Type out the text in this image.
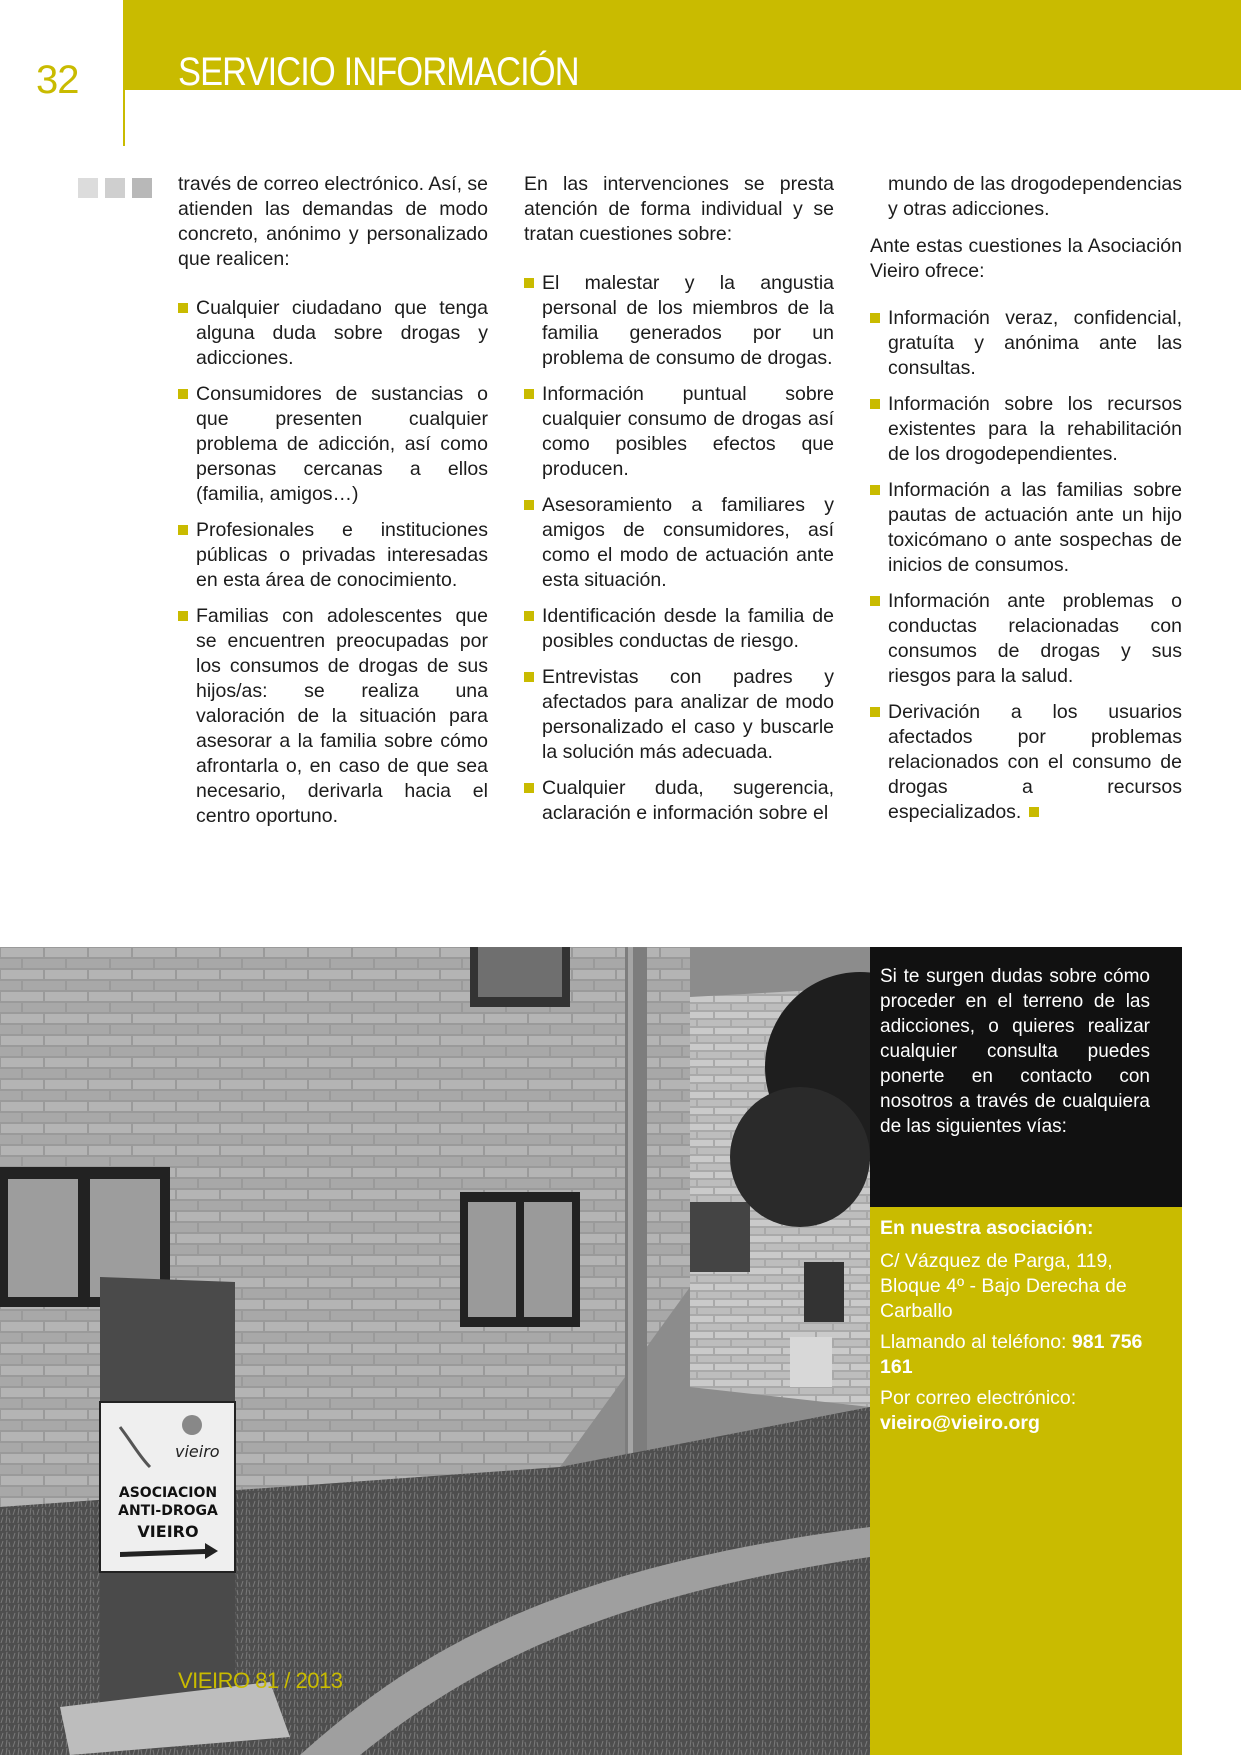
32 SERVICIO INFORMACIÓN

través de correo electrónico. Así, se atienden las demandas de modo concreto, anónimo y personalizado que realicen:

Cualquier ciudadano que tenga alguna duda sobre drogas y adicciones.
Consumidores de sustancias o que presenten cualquier problema de adicción, así como personas cercanas a ellos (familia, amigos…)
Profesionales e instituciones públicas o privadas interesadas en esta área de conocimiento.
Familias con adolescentes que se encuentren preocupadas por los consumos de drogas de sus hijos/as: se realiza una valoración de la situación para asesorar a la familia sobre cómo afrontarla o, en caso de que sea necesario, derivarla hacia el centro oportuno.

En las intervenciones se presta atención de forma individual y se tratan cuestiones sobre:

El malestar y la angustia personal de los miembros de la familia generados por un problema de consumo de drogas.
Información puntual sobre cualquier consumo de drogas así como posibles efectos que producen.
Asesoramiento a familiares y amigos de consumidores, así como el modo de actuación ante esta situación.
Identificación desde la familia de posibles conductas de riesgo.
Entrevistas con padres y afectados para analizar de modo personalizado el caso y buscarle la solución más adecuada.
Cualquier duda, sugerencia, aclaración e información sobre el

mundo de las drogodependencias y otras adicciones.

Ante estas cuestiones la Asociación Vieiro ofrece:

Información veraz, confidencial, gratuíta y anónima ante las consultas.
Información sobre los recursos existentes para la rehabilitación de los drogodependientes.
Información a las familias sobre pautas de actuación ante un hijo toxicómano o ante sospechas de inicios de consumos.
Información ante problemas o conductas relacionadas con consumos de drogas y sus riesgos para la salud.
Derivación a los usuarios afectados por problemas relacionados con el consumo de drogas a recursos especializados.
vieiro
ASOCIACION
ANTI-DROGA
VIEIRO
Si te surgen dudas sobre cómo proceder en el terreno de las adicciones, o quieres realizar cualquier consulta puedes ponerte en contacto con nosotros a través de cualquiera de las siguientes vías:
En nuestra asociación:
C/ Vázquez de Parga, 119, Bloque 4º - Bajo Derecha de Carballo
Llamando al teléfono: 981 756 161
Por correo electrónico:
vieiro@vieiro.org
VIEIRO 81 / 2013
